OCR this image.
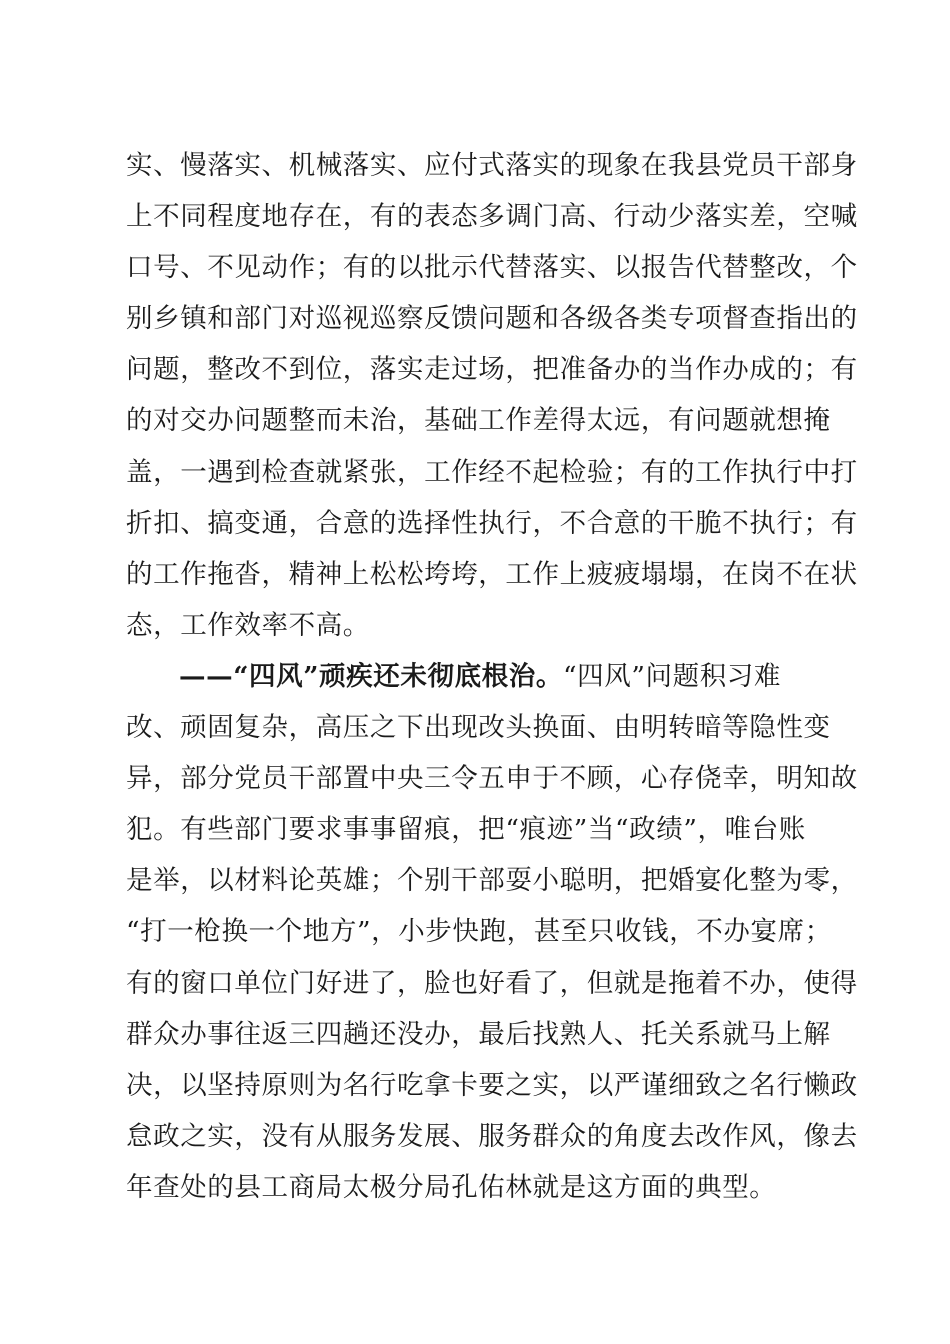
实、慢落实、机械落实、应付式落实的现象在我县党员干部身
上不同程度地存在，有的表态多调门高、行动少落实差，空喊
口号、不见动作；有的以批示代替落实、以报告代替整改，个
别乡镇和部门对巡视巡察反馈问题和各级各类专项督查指出的
问题，整改不到位，落实走过场，把准备办的当作办成的；有
的对交办问题整而未治，基础工作差得太远，有问题就想掩
盖，一遇到检查就紧张，工作经不起检验；有的工作执行中打
折扣、搞变通，合意的选择性执行，不合意的干脆不执行；有
的工作拖沓，精神上松松垮垮，工作上疲疲塌塌，在岗不在状
态，工作效率不高。
——“四风”顽疾还未彻底根治。“四风”问题积习难
改、顽固复杂，高压之下出现改头换面、由明转暗等隐性变
异，部分党员干部置中央三令五申于不顾，心存侥幸，明知故
犯。有些部门要求事事留痕，把“痕迹”当“政绩”，唯台账
是举，以材料论英雄；个别干部耍小聪明，把婚宴化整为零，
“打一枪换一个地方”，小步快跑，甚至只收钱，不办宴席；
有的窗口单位门好进了，脸也好看了，但就是拖着不办，使得
群众办事往返三四趟还没办，最后找熟人、托关系就马上解
决，以坚持原则为名行吃拿卡要之实，以严谨细致之名行懒政
怠政之实，没有从服务发展、服务群众的角度去改作风，像去
年查处的县工商局太极分局孔佑林就是这方面的典型。
